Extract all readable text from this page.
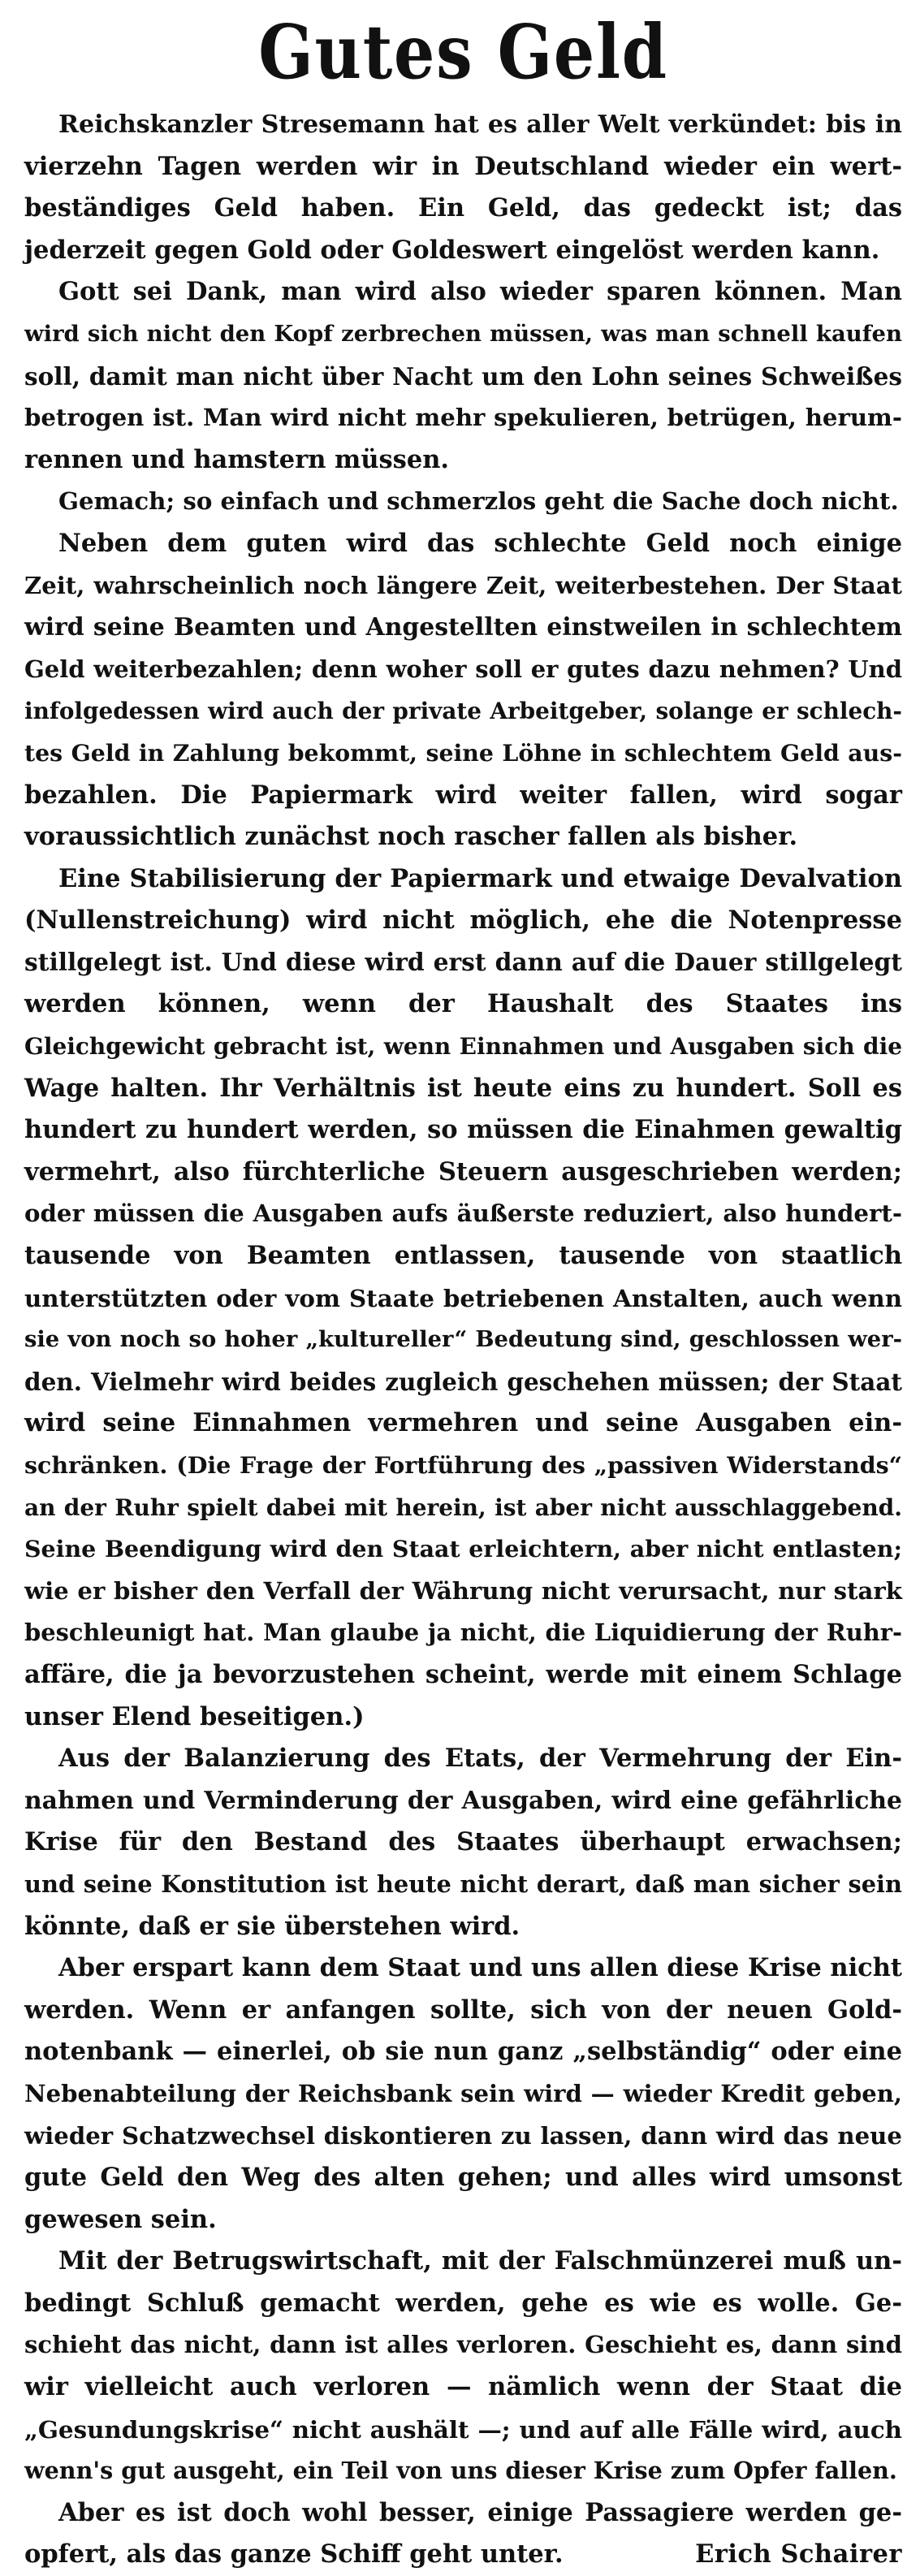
Gutes Geld
Reichskanzler Stresemann hat es aller Welt verkündet: bis in
vierzehn Tagen werden wir in Deutschland wieder ein wert-
beständiges Geld haben. Ein Geld, das gedeckt ist; das
jederzeit gegen Gold oder Goldeswert eingelöst werden kann.
Gott sei Dank, man wird also wieder sparen können. Man
wird sich nicht den Kopf zerbrechen müssen, was man schnell kaufen
soll, damit man nicht über Nacht um den Lohn seines Schweißes
betrogen ist. Man wird nicht mehr spekulieren, betrügen, herum-
rennen und hamstern müssen.
Gemach; so einfach und schmerzlos geht die Sache doch nicht.
Neben dem guten wird das schlechte Geld noch einige
Zeit, wahrscheinlich noch längere Zeit, weiterbestehen. Der Staat
wird seine Beamten und Angestellten einstweilen in schlechtem
Geld weiterbezahlen; denn woher soll er gutes dazu nehmen? Und
infolgedessen wird auch der private Arbeitgeber, solange er schlech-
tes Geld in Zahlung bekommt, seine Löhne in schlechtem Geld aus-
bezahlen. Die Papiermark wird weiter fallen, wird sogar
voraussichtlich zunächst noch rascher fallen als bisher.
Eine Stabilisierung der Papiermark und etwaige Devalvation
(Nullenstreichung) wird nicht möglich, ehe die Notenpresse
stillgelegt ist. Und diese wird erst dann auf die Dauer stillgelegt
werden können, wenn der Haushalt des Staates ins
Gleichgewicht gebracht ist, wenn Einnahmen und Ausgaben sich die
Wage halten. Ihr Verhältnis ist heute eins zu hundert. Soll es
hundert zu hundert werden, so müssen die Einahmen gewaltig
vermehrt, also fürchterliche Steuern ausgeschrieben werden;
oder müssen die Ausgaben aufs äußerste reduziert, also hundert-
tausende von Beamten entlassen, tausende von staatlich
unterstützten oder vom Staate betriebenen Anstalten, auch wenn
sie von noch so hoher „kultureller“ Bedeutung sind, geschlossen wer-
den. Vielmehr wird beides zugleich geschehen müssen; der Staat
wird seine Einnahmen vermehren und seine Ausgaben ein-
schränken. (Die Frage der Fortführung des „passiven Widerstands“
an der Ruhr spielt dabei mit herein, ist aber nicht ausschlaggebend.
Seine Beendigung wird den Staat erleichtern, aber nicht entlasten;
wie er bisher den Verfall der Währung nicht verursacht, nur stark
beschleunigt hat. Man glaube ja nicht, die Liquidierung der Ruhr-
affäre, die ja bevorzustehen scheint, werde mit einem Schlage
unser Elend beseitigen.)
Aus der Balanzierung des Etats, der Vermehrung der Ein-
nahmen und Verminderung der Ausgaben, wird eine gefährliche
Krise für den Bestand des Staates überhaupt erwachsen;
und seine Konstitution ist heute nicht derart, daß man sicher sein
könnte, daß er sie überstehen wird.
Aber erspart kann dem Staat und uns allen diese Krise nicht
werden. Wenn er anfangen sollte, sich von der neuen Gold-
notenbank — einerlei, ob sie nun ganz „selbständig“ oder eine
Nebenabteilung der Reichsbank sein wird — wieder Kredit geben,
wieder Schatzwechsel diskontieren zu lassen, dann wird das neue
gute Geld den Weg des alten gehen; und alles wird umsonst
gewesen sein.
Mit der Betrugswirtschaft, mit der Falschmünzerei muß un-
bedingt Schluß gemacht werden, gehe es wie es wolle. Ge-
schieht das nicht, dann ist alles verloren. Geschieht es, dann sind
wir vielleicht auch verloren — nämlich wenn der Staat die
„Gesundungskrise“ nicht aushält —; und auf alle Fälle wird, auch
wenn's gut ausgeht, ein Teil von uns dieser Krise zum Opfer fallen.
Aber es ist doch wohl besser, einige Passagiere werden ge-
opfert, als das ganze Schiff geht unter.	Erich Schairer
